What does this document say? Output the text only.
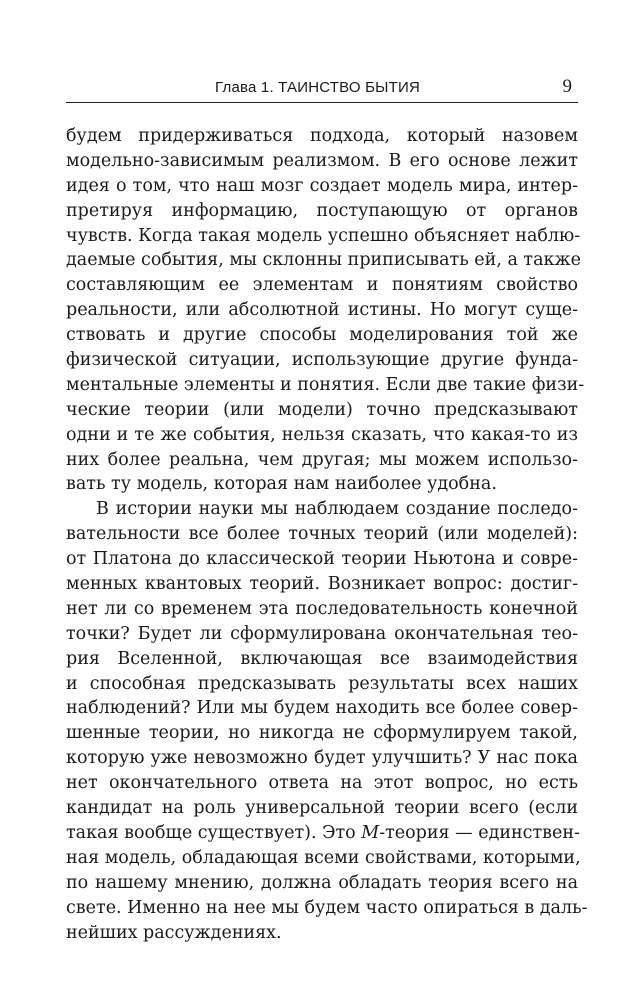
Глава 1. ТАИНСТВО БЫТИЯ	9
будем придерживаться подхода, который назовем
модельно-зависимым реализмом. В его основе лежит
идея о том, что наш мозг создает модель мира, интер-
претируя информацию, поступающую от органов
чувств. Когда такая модель успешно объясняет наблю-
даемые события, мы склонны приписывать ей, а также
составляющим ее элементам и понятиям свойство
реальности, или абсолютной истины. Но могут суще-
ствовать и другие способы моделирования той же
физической ситуации, использующие другие фунда-
ментальные элементы и понятия. Если две такие физи-
ческие теории (или модели) точно предсказывают
одни и те же события, нельзя сказать, что какая-то из
них более реальна, чем другая; мы можем использо-
вать ту модель, которая нам наиболее удобна.
В истории науки мы наблюдаем создание последо-
вательности все более точных теорий (или моделей):
от Платона до классической теории Ньютона и совре-
менных квантовых теорий. Возникает вопрос: достиг-
нет ли со временем эта последовательность конечной
точки? Будет ли сформулирована окончательная тео-
рия Вселенной, включающая все взаимодействия
и способная предсказывать результаты всех наших
наблюдений? Или мы будем находить все более совер-
шенные теории, но никогда не сформулируем такой,
которую уже невозможно будет улучшить? У нас пока
нет окончательного ответа на этот вопрос, но есть
кандидат на роль универсальной теории всего (если
такая вообще существует). Это M-теория — единствен-
ная модель, обладающая всеми свойствами, которыми,
по нашему мнению, должна обладать теория всего на
свете. Именно на нее мы будем часто опираться в даль-
нейших рассуждениях.
